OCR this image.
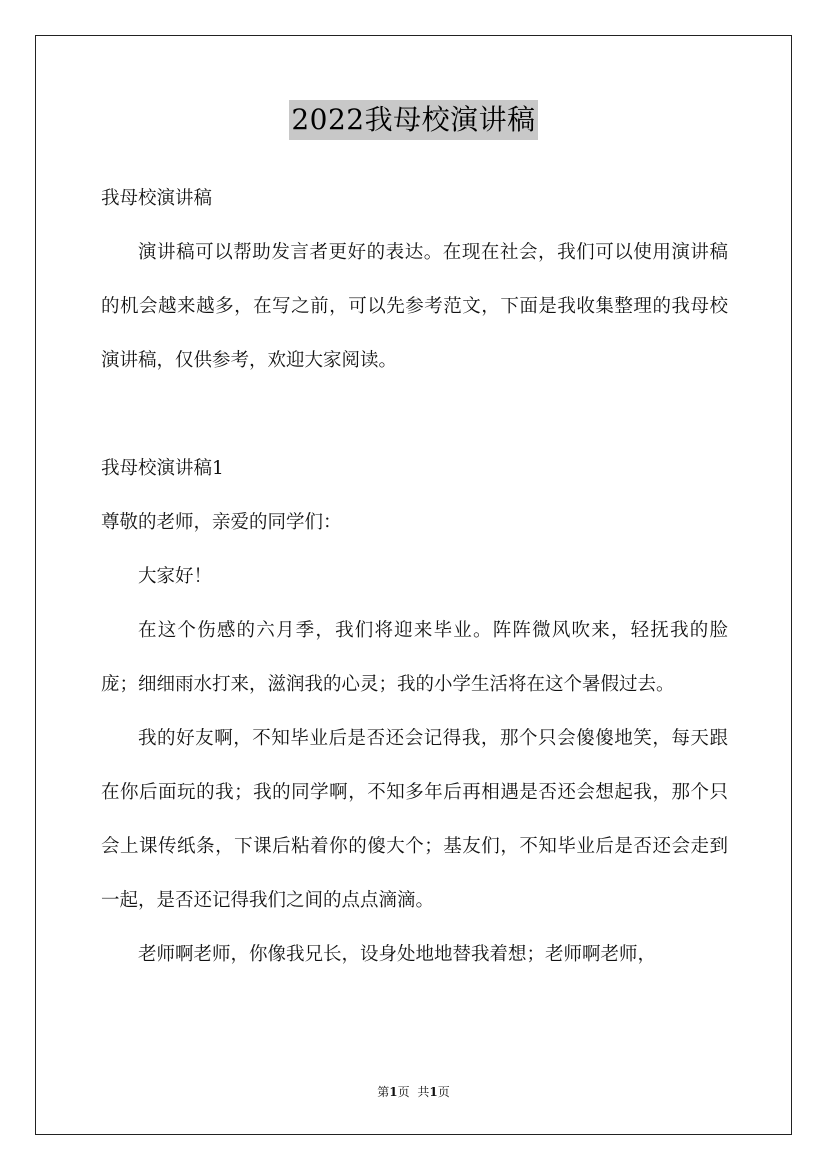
2022我母校演讲稿

我母校演讲稿

演讲稿可以帮助发言者更好的表达。在现在社会，我们可以使用演讲稿的机会越来越多，在写之前，可以先参考范文，下面是我收集整理的我母校演讲稿，仅供参考，欢迎大家阅读。

我母校演讲稿1

尊敬的老师，亲爱的同学们：

大家好！

在这个伤感的六月季，我们将迎来毕业。阵阵微风吹来，轻抚我的脸庞；细细雨水打来，滋润我的心灵；我的小学生活将在这个暑假过去。

我的好友啊，不知毕业后是否还会记得我，那个只会傻傻地笑，每天跟在你后面玩的我；我的同学啊，不知多年后再相遇是否还会想起我，那个只会上课传纸条，下课后粘着你的傻大个；基友们，不知毕业后是否还会走到一起，是否还记得我们之间的点点滴滴。

老师啊老师，你像我兄长，设身处地地替我着想；老师啊老师，

第1页 共1页
